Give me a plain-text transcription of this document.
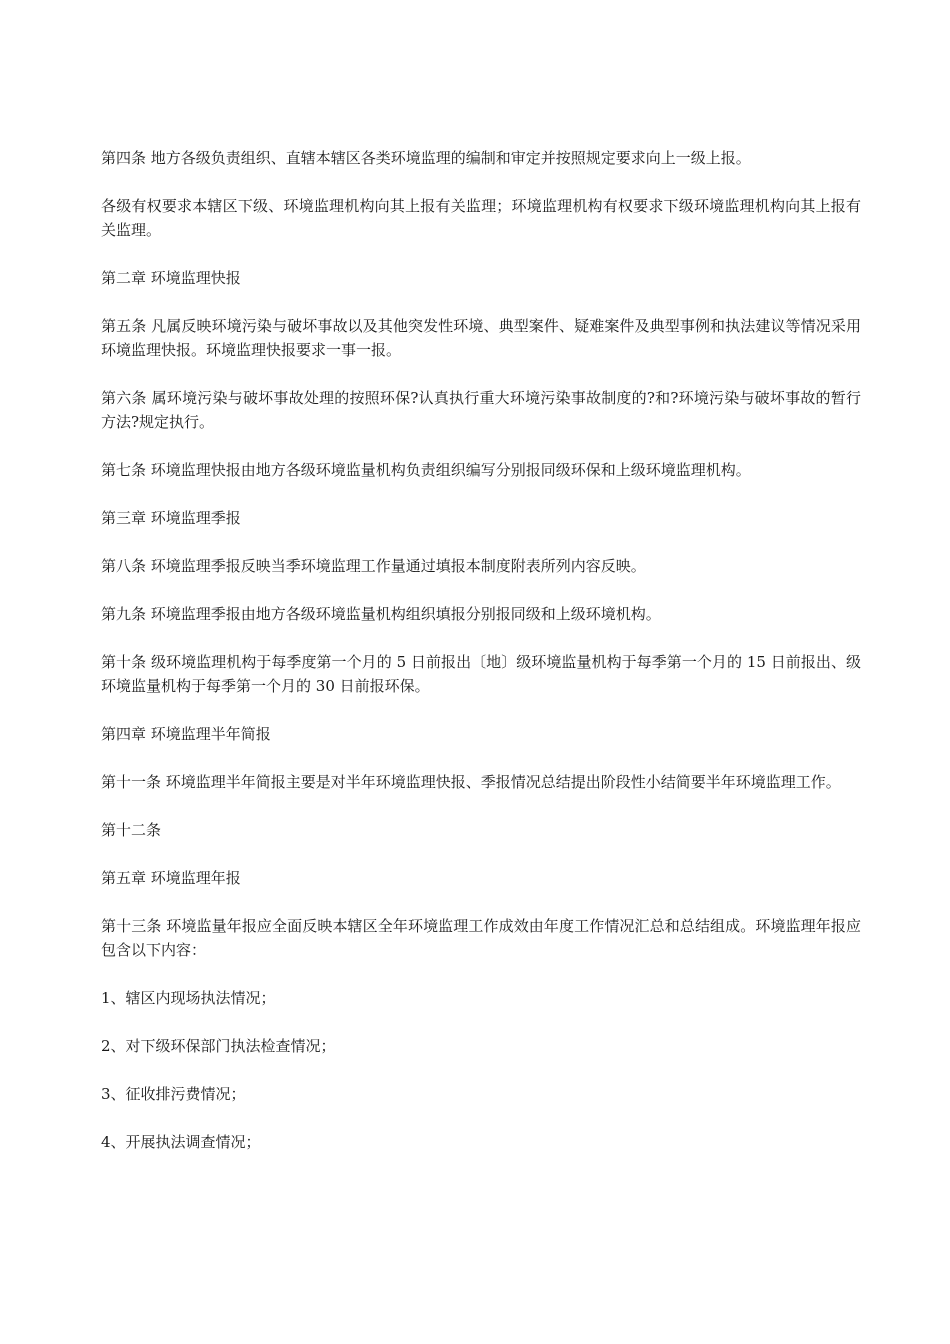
第四条 地方各级负责组织、直辖本辖区各类环境监理的编制和审定并按照规定要求向上一级上报。

各级有权要求本辖区下级、环境监理机构向其上报有关监理；环境监理机构有权要求下级环境监理机构向其上报有关监理。

第二章 环境监理快报

第五条 凡属反映环境污染与破坏事故以及其他突发性环境、典型案件、疑难案件及典型事例和执法建议等情况采用环境监理快报。环境监理快报要求一事一报。

第六条 属环境污染与破坏事故处理的按照环保?认真执行重大环境污染事故制度的?和?环境污染与破坏事故的暂行方法?规定执行。

第七条 环境监理快报由地方各级环境监量机构负责组织编写分别报同级环保和上级环境监理机构。

第三章 环境监理季报

第八条 环境监理季报反映当季环境监理工作量通过填报本制度附表所列内容反映。

第九条 环境监理季报由地方各级环境监量机构组织填报分别报同级和上级环境机构。

第十条 级环境监理机构于每季度第一个月的 5 日前报出〔地〕级环境监量机构于每季第一个月的 15 日前报出、级环境监量机构于每季第一个月的 30 日前报环保。

第四章 环境监理半年简报

第十一条 环境监理半年简报主要是对半年环境监理快报、季报情况总结提出阶段性小结简要半年环境监理工作。

第十二条

第五章 环境监理年报

第十三条 环境监量年报应全面反映本辖区全年环境监理工作成效由年度工作情况汇总和总结组成。环境监理年报应包含以下内容：

1、辖区内现场执法情况；

2、对下级环保部门执法检查情况；

3、征收排污费情况；

4、开展执法调查情况；
